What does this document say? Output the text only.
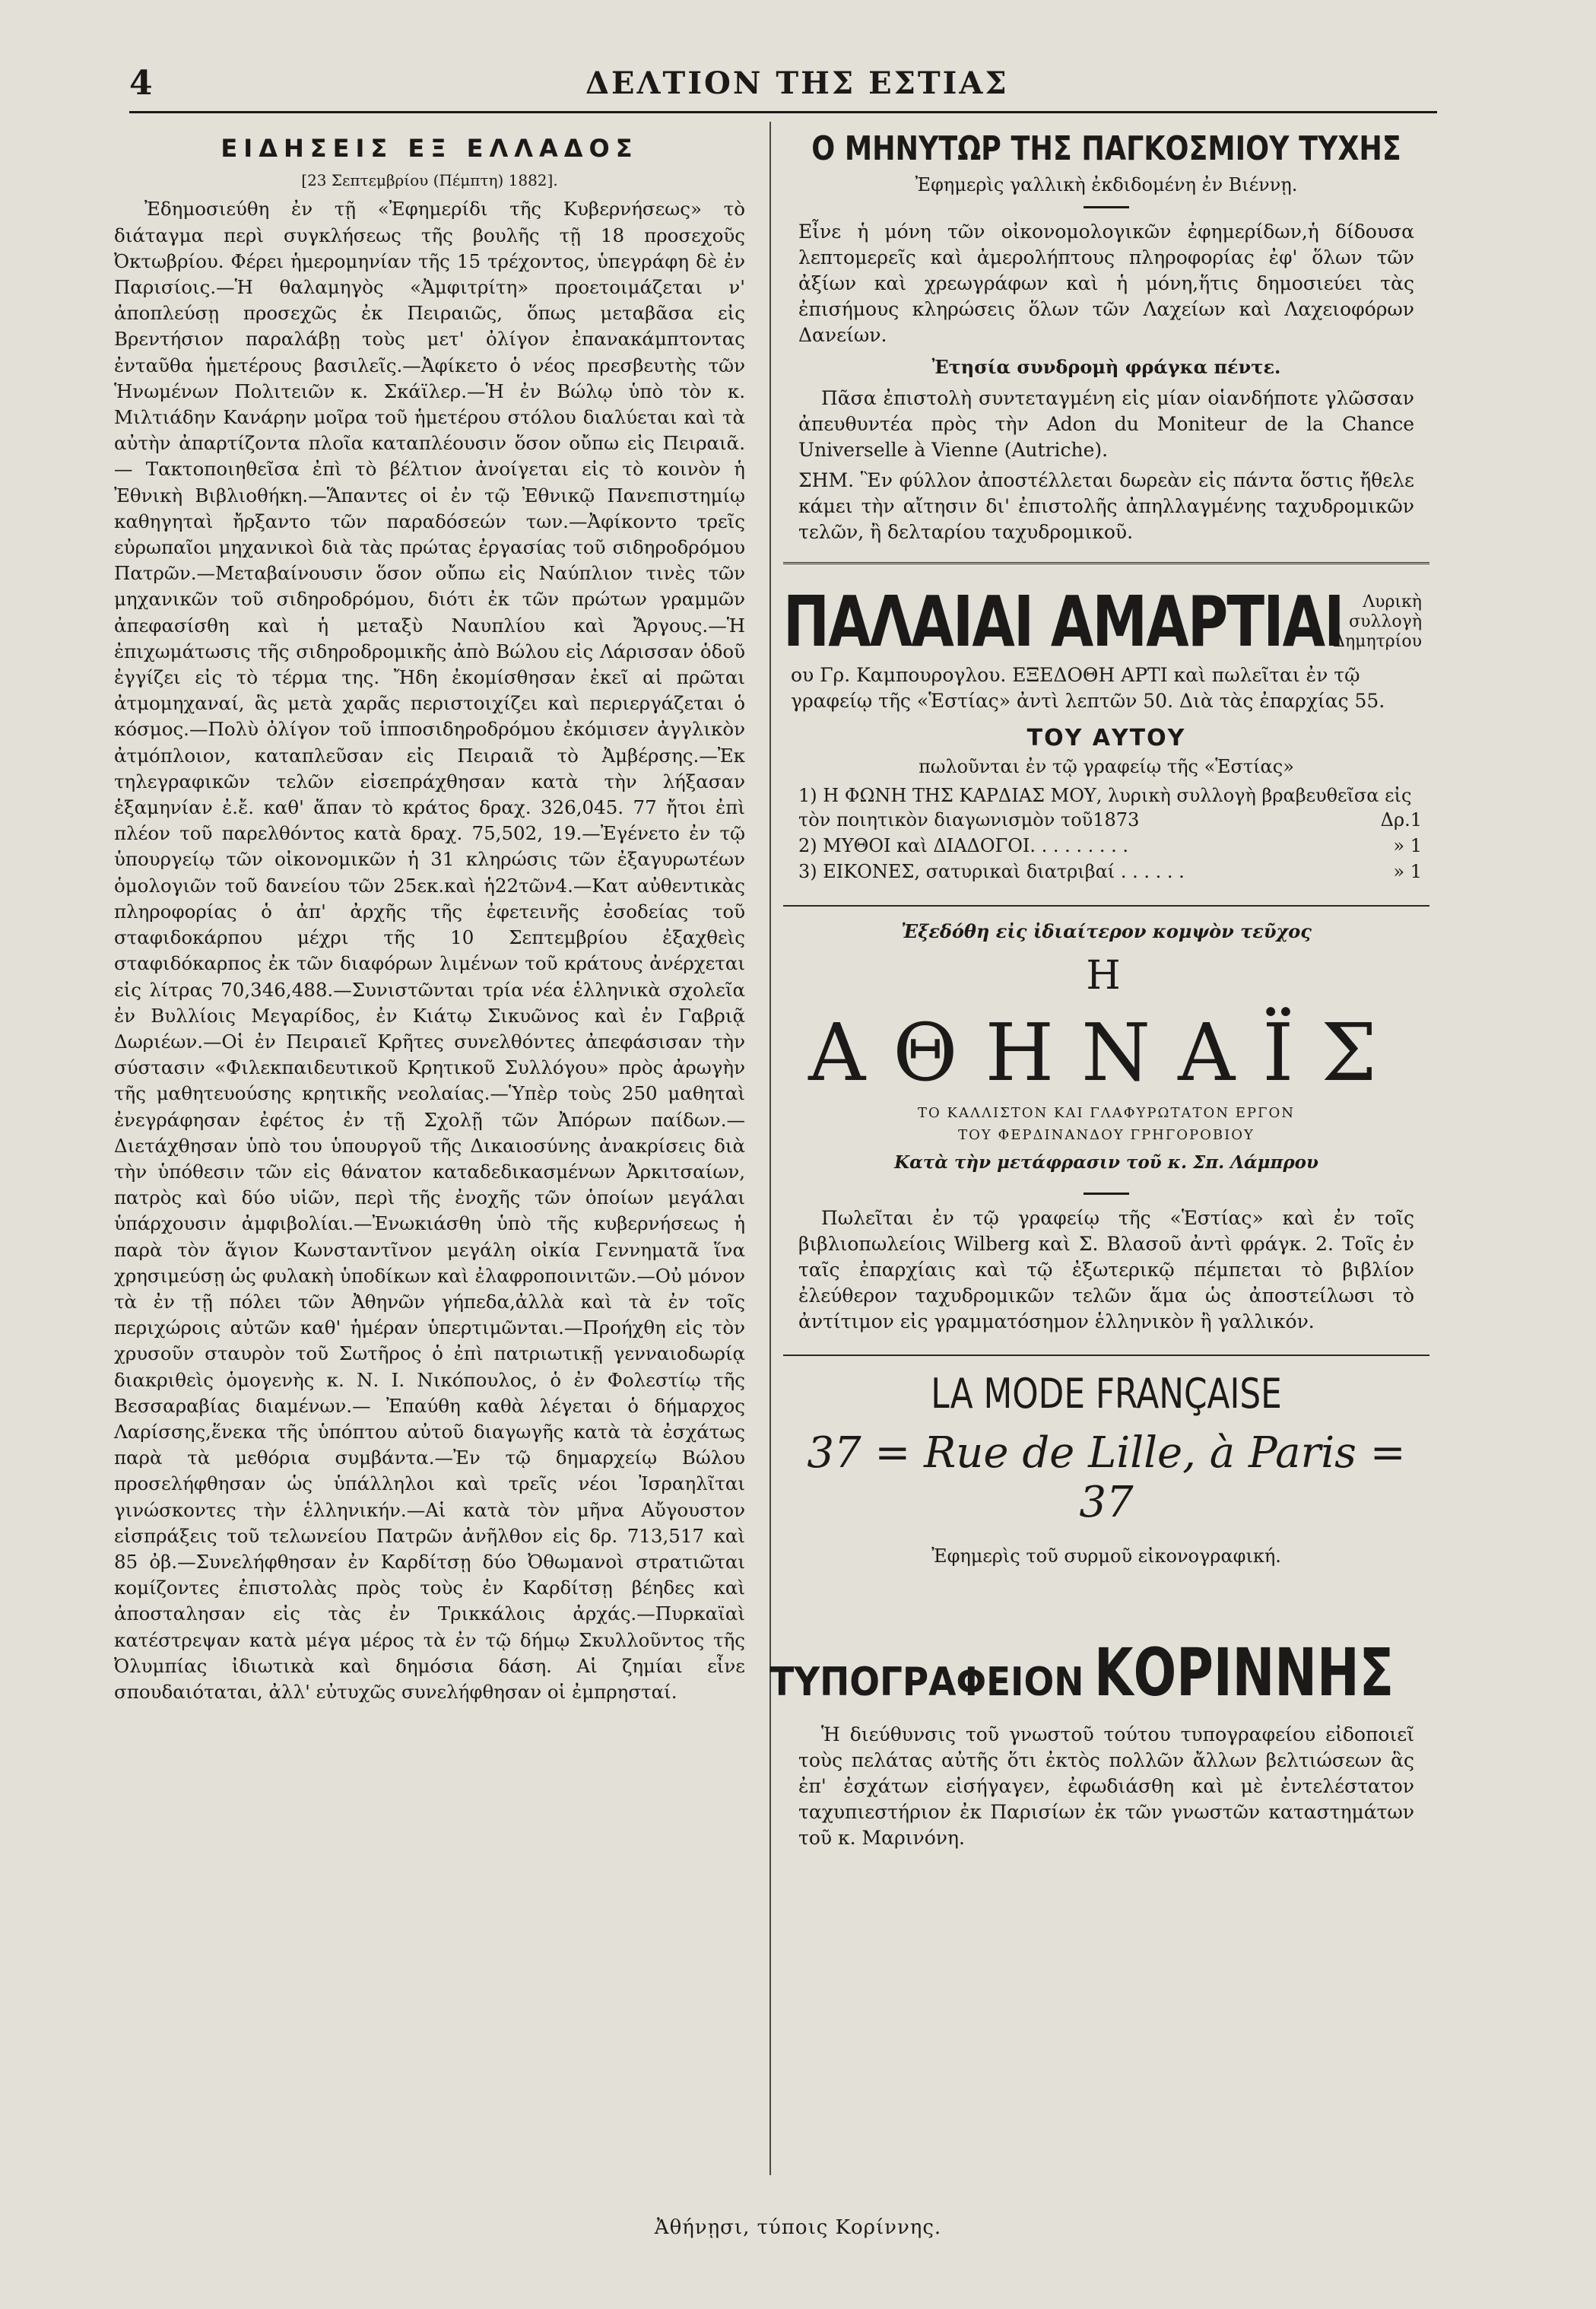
4	ΔΕΛΤΙΟΝ ΤΗΣ ΕΣΤΙΑΣ
ΕΙΔΗΣΕΙΣ ΕΞ ΕΛΛΑΔΟΣ
[23 Σεπτεμβρίου (Πέμπτη) 1882].
Ἐδημοσιεύθη ἐν τῇ «Ἐφημερίδι τῆς Κυβερνήσεως» τὸ διάταγμα περὶ συγκλήσεως τῆς βουλῆς τῇ 18 προσεχοῦς Ὀκτωβρίου. Φέρει ἡμερομηνίαν τῆς 15 τρέχοντος, ὑπεγράφη δὲ ἐν Παρισίοις.—Ἡ θαλαμηγὸς «Ἀμφιτρίτη» προετοιμάζεται ν' ἀποπλεύσῃ προσεχῶς ἐκ Πειραιῶς, ὅπως μεταβᾶσα εἰς Βρεντήσιον παραλάβῃ τοὺς μετ' ὀλίγον ἐπανακάμπτοντας ἐνταῦθα ἡμετέρους βασιλεῖς.—Ἀφίκετο ὁ νέος πρεσβευτὴς τῶν Ἡνωμένων Πολιτειῶν κ. Σκάϊλερ.—Ἡ ἐν Βώλῳ ὑπὸ τὸν κ. Μιλτιάδην Κανάρην μοῖρα τοῦ ἡμετέρου στόλου διαλύεται καὶ τὰ αὐτὴν ἀπαρτίζοντα πλοῖα καταπλέουσιν ὅσον οὔπω εἰς Πειραιᾶ.— Τακτοποιηθεῖσα ἐπὶ τὸ βέλτιον ἀνοίγεται εἰς τὸ κοινὸν ἡ Ἐθνικὴ Βιβλιοθήκη.—Ἅπαντες οἱ ἐν τῷ Ἐθνικῷ Πανεπιστημίῳ καθηγηταὶ ἤρξαντο τῶν παραδόσεών των.—Ἀφίκοντο τρεῖς εὐρωπαῖοι μηχανικοὶ διὰ τὰς πρώτας ἐργασίας τοῦ σιδηροδρόμου Πατρῶν.—Μεταβαίνουσιν ὅσον οὔπω εἰς Ναύπλιον τινὲς τῶν μηχανικῶν τοῦ σιδηροδρόμου, διότι ἐκ τῶν πρώτων γραμμῶν ἀπεφασίσθη καὶ ἡ μεταξὺ Ναυπλίου καὶ Ἄργους.—Ἡ ἐπιχωμάτωσις τῆς σιδηροδρομικῆς ἀπὸ Βώλου εἰς Λάρισσαν ὁδοῦ ἐγγίζει εἰς τὸ τέρμα της. Ἤδη ἐκομίσθησαν ἐκεῖ αἱ πρῶται ἀτμομηχαναί, ἃς μετὰ χαρᾶς περιστοιχίζει καὶ περιεργάζεται ὁ κόσμος.—Πολὺ ὀλίγον τοῦ ἱπποσιδηροδρόμου ἐκόμισεν ἀγγλικὸν ἀτμόπλοιον, καταπλεῦσαν εἰς Πειραιᾶ τὸ Ἀμβέρσης.—Ἐκ τηλεγραφικῶν τελῶν εἰσεπράχθησαν κατὰ τὴν λήξασαν ἑξαμηνίαν ἐ.ἔ. καθ' ἅπαν τὸ κράτος δραχ. 326,045. 77 ἤτοι ἐπὶ πλέον τοῦ παρελθόντος κατὰ δραχ. 75,502, 19.—Ἐγένετο ἐν τῷ ὑπουργείῳ τῶν οἰκονομικῶν ἡ 31 κληρώσις τῶν ἐξαγυρωτέων ὁμολογιῶν τοῦ δανείου τῶν 25εκ.καὶ ἡ22τῶν4.—Κατ αὐθεντικὰς πληροφορίας ὁ ἀπ' ἀρχῆς τῆς ἐφετεινῆς ἐσοδείας τοῦ σταφιδοκάρπου μέχρι τῆς 10 Σεπτεμβρίου ἐξαχθεὶς σταφιδόκαρπος ἐκ τῶν διαφόρων λιμένων τοῦ κράτους ἀνέρχεται εἰς λίτρας 70,346,488.—Συνιστῶνται τρία νέα ἑλληνικὰ σχολεῖα ἐν Βυλλίοις Μεγαρίδος, ἐν Κιάτῳ Σικυῶνος καὶ ἐν Γαβριᾷ Δωριέων.—Οἱ ἐν Πειραιεῖ Κρῆτες συνελθόντες ἀπεφάσισαν τὴν σύστασιν «Φιλεκπαιδευτικοῦ Κρητικοῦ Συλλόγου» πρὸς ἀρωγὴν τῆς μαθητευούσης κρητικῆς νεολαίας.—Ὑπὲρ τοὺς 250 μαθηταὶ ἐνεγράφησαν ἐφέτος ἐν τῇ Σχολῇ τῶν Ἀπόρων παίδων.—Διετάχθησαν ὑπὸ του ὑπουργοῦ τῆς Δικαιοσύνης ἀνακρίσεις διὰ τὴν ὑπόθεσιν τῶν εἰς θάνατον καταδεδικασμένων Ἀρκιτσαίων, πατρὸς καὶ δύο υἱῶν, περὶ τῆς ἐνοχῆς τῶν ὁποίων μεγάλαι ὑπάρχουσιν ἀμφιβολίαι.—Ἐνωκιάσθη ὑπὸ τῆς κυβερνήσεως ἡ παρὰ τὸν ἅγιον Κωνσταντῖνον μεγάλη οἰκία Γεννηματᾶ ἵνα χρησιμεύσῃ ὡς φυλακὴ ὑποδίκων καὶ ἐλαφροποινιτῶν.—Οὐ μόνον τὰ ἐν τῇ πόλει τῶν Ἀθηνῶν γήπεδα,ἀλλὰ καὶ τὰ ἐν τοῖς περιχώροις αὐτῶν καθ' ἡμέραν ὑπερτιμῶνται.—Προήχθη εἰς τὸν χρυσοῦν σταυρὸν τοῦ Σωτῆρος ὁ ἐπὶ πατριωτικῇ γενναιοδωρίᾳ διακριθεὶς ὁμογενὴς κ. Ν. Ι. Νικόπουλος, ὁ ἐν Φολεστίῳ τῆς Βεσσαραβίας διαμένων.— Ἐπαύθη καθὰ λέγεται ὁ δήμαρχος Λαρίσσης,ἕνεκα τῆς ὑπόπτου αὐτοῦ διαγωγῆς κατὰ τὰ ἐσχάτως παρὰ τὰ μεθόρια συμβάντα.—Ἐν τῷ δημαρχείῳ Βώλου προσελήφθησαν ὡς ὑπάλληλοι καὶ τρεῖς νέοι Ἰσραηλῖται γινώσκοντες τὴν ἑλληνικήν.—Αἱ κατὰ τὸν μῆνα Αὔγουστον εἰσπράξεις τοῦ τελωνείου Πατρῶν ἀνῆλθον εἰς δρ. 713,517 καὶ 85 ὀβ.—Συνελήφθησαν ἐν Καρδίτσῃ δύο Ὀθωμανοὶ στρατιῶται κομίζοντες ἐπιστολὰς πρὸς τοὺς ἐν Καρδίτσῃ βέηδες καὶ ἀποσταλησαν εἰς τὰς ἐν Τρικκάλοις ἀρχάς.—Πυρκαϊαὶ κατέστρεψαν κατὰ μέγα μέρος τὰ ἐν τῷ δήμῳ Σκυλλοῦντος τῆς Ὀλυμπίας ἰδιωτικὰ καὶ δημόσια δάση. Αἱ ζημίαι εἶνε σπουδαιόταται, ἀλλ' εὐτυχῶς συνελήφθησαν οἱ ἐμπρησταί.
Ο ΜΗΝΥΤΩΡ ΤΗΣ ΠΑΓΚΟΣΜΙΟΥ ΤΥΧΗΣ
Ἐφημερὶς γαλλικὴ ἐκδιδομένη ἐν Βιέννῃ.
Εἶνε ἡ μόνη τῶν οἰκονομολογικῶν ἐφημερίδων,ἡ δίδουσα λεπτομερεῖς καὶ ἀμερολήπτους πληροφορίας ἐφ' ὅλων τῶν ἀξίων καὶ χρεωγράφων καὶ ἡ μόνη,ἥτις δημοσιεύει τὰς ἐπισήμους κληρώσεις ὅλων τῶν Λαχείων καὶ Λαχειοφόρων Δανείων.
Ἐτησία συνδρομὴ φράγκα πέντε.
Πᾶσα ἐπιστολὴ συντεταγμένη εἰς μίαν οἱανδήποτε γλῶσσαν ἀπευθυντέα πρὸς τὴν Adon du Moniteur de la Chance Universelle à Vienne (Autriche).
ΣΗΜ. Ἓν φύλλον ἀποστέλλεται δωρεὰν εἰς πάντα ὅστις ἤθελε κάμει τὴν αἴτησιν δι' ἐπιστολῆς ἀπηλλαγμένης ταχυδρομικῶν τελῶν, ἢ δελταρίου ταχυδρομικοῦ.
ΠΑΛΑΙΑΙ ΑΜΑΡΤΙΑΙ	Λυρικὴ συλλογὴ Δημητρίου
ου Γρ. Καμπουρογλου. ΕΞΕΔΟΘΗ ΑΡΤΙ καὶ πωλεῖται ἐν τῷ γραφείῳ τῆς «Ἑστίας» ἀντὶ λεπτῶν 50. Διὰ τὰς ἐπαρχίας 55.
ΤΟΥ ΑΥΤΟΥ
πωλοῦνται ἐν τῷ γραφείῳ τῆς «Ἑστίας»
1) Η ΦΩΝΗ ΤΗΣ ΚΑΡΔΙΑΣ ΜΟΥ, λυρικὴ συλλογὴ βραβευθεῖσα εἰς τὸν ποιητικὸν διαγωνισμὸν τοῦ1873	Δρ.1
2) ΜΥΘΟΙ καὶ ΔΙΑΔΟΓΟΙ. . . . . . . . .	» 1
3) ΕΙΚΟΝΕΣ, σατυρικαὶ διατριβαί . . . . . .	» 1
Ἐξεδόθη εἰς ἰδιαίτερον κομψὸν τεῦχος
Η
ΑΘΗΝΑΪΣ
ΤΟ ΚΑΛΛΙΣΤΟΝ ΚΑΙ ΓΛΑΦΥΡΩΤΑΤΟΝ ΕΡΓΟΝ
ΤΟΥ ΦΕΡΔΙΝΑΝΔΟΥ ΓΡΗΓΟΡΟΒΙΟΥ
Κατὰ τὴν μετάφρασιν τοῦ κ. Σπ. Λάμπρου
Πωλεῖται ἐν τῷ γραφείῳ τῆς «Ἑστίας» καὶ ἐν τοῖς βιβλιοπωλείοις Wilberg καὶ Σ. Βλασοῦ ἀντὶ φράγκ. 2. Τοῖς ἐν ταῖς ἐπαρχίαις καὶ τῷ ἐξωτερικῷ πέμπεται τὸ βιβλίον ἐλεύθερον ταχυδρομικῶν τελῶν ἅμα ὡς ἀποστείλωσι τὸ ἀντίτιμον εἰς γραμματόσημον ἑλληνικὸν ἢ γαλλικόν.
LA MODE FRANÇAISE
37 = Rue de Lille, à Paris = 37
Ἐφημερὶς τοῦ συρμοῦ εἰκονογραφική.
ΤΥΠΟΓΡΑΦΕΙΟΝ ΚΟΡΙΝΝΗΣ
Ἡ διεύθυνσις τοῦ γνωστοῦ τούτου τυπογραφείου εἰδοποιεῖ τοὺς πελάτας αὐτῆς ὅτι ἐκτὸς πολλῶν ἄλλων βελτιώσεων ἃς ἐπ' ἐσχάτων εἰσήγαγεν, ἐφωδιάσθη καὶ μὲ ἐντελέστατον ταχυπιεστήριον ἐκ Παρισίων ἐκ τῶν γνωστῶν καταστημάτων τοῦ κ. Μαρινόνη.
Ἀθήνῃσι, τύποις Κορίννης.
